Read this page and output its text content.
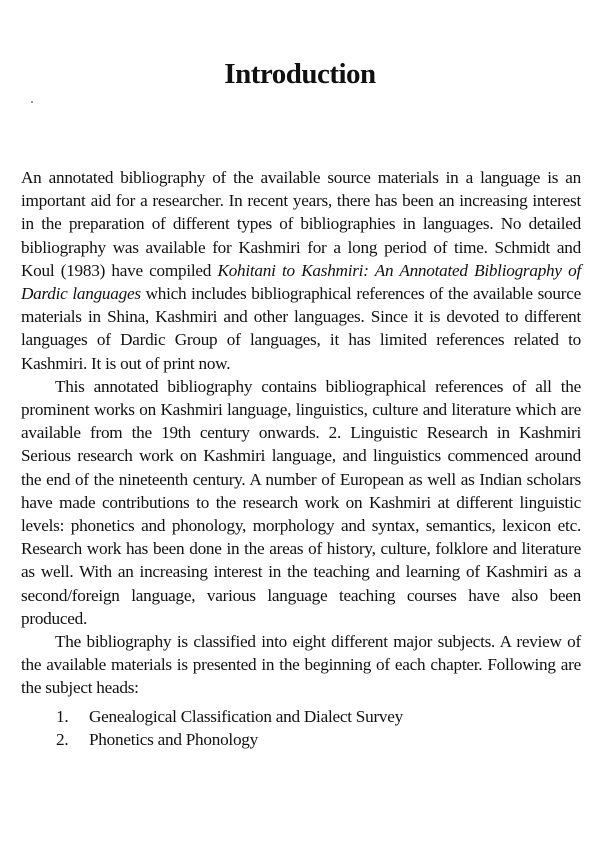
Introduction

An annotated bibliography of the available source materials in a language is an important aid for a researcher. In recent years, there has been an increasing interest in the preparation of different types of bibliographies in languages. No detailed bibliography was available for Kashmiri for a long period of time. Schmidt and Koul (1983) have compiled Kohitani to Kashmiri: An Annotated Bibliography of Dardic languages which includes bibliographical references of the available source materials in Shina, Kashmiri and other languages. Since it is devoted to different languages of Dardic Group of languages, it has limited references related to Kashmiri. It is out of print now.

This annotated bibliography contains bibliographical references of all the prominent works on Kashmiri language, linguistics, culture and literature which are available from the 19th century onwards. 2. Linguistic Research in Kashmiri Serious research work on Kashmiri language, and linguistics commenced around the end of the nineteenth century. A number of European as well as Indian scholars have made contributions to the research work on Kashmiri at different linguistic levels: phonetics and phonology, morphology and syntax, semantics, lexicon etc. Research work has been done in the areas of history, culture, folklore and literature as well. With an increasing interest in the teaching and learning of Kashmiri as a second/foreign language, various language teaching courses have also been produced.

The bibliography is classified into eight different major subjects. A review of the available materials is presented in the beginning of each chapter. Following are the subject heads:

1.	Genealogical Classification and Dialect Survey
2.	Phonetics and Phonology
